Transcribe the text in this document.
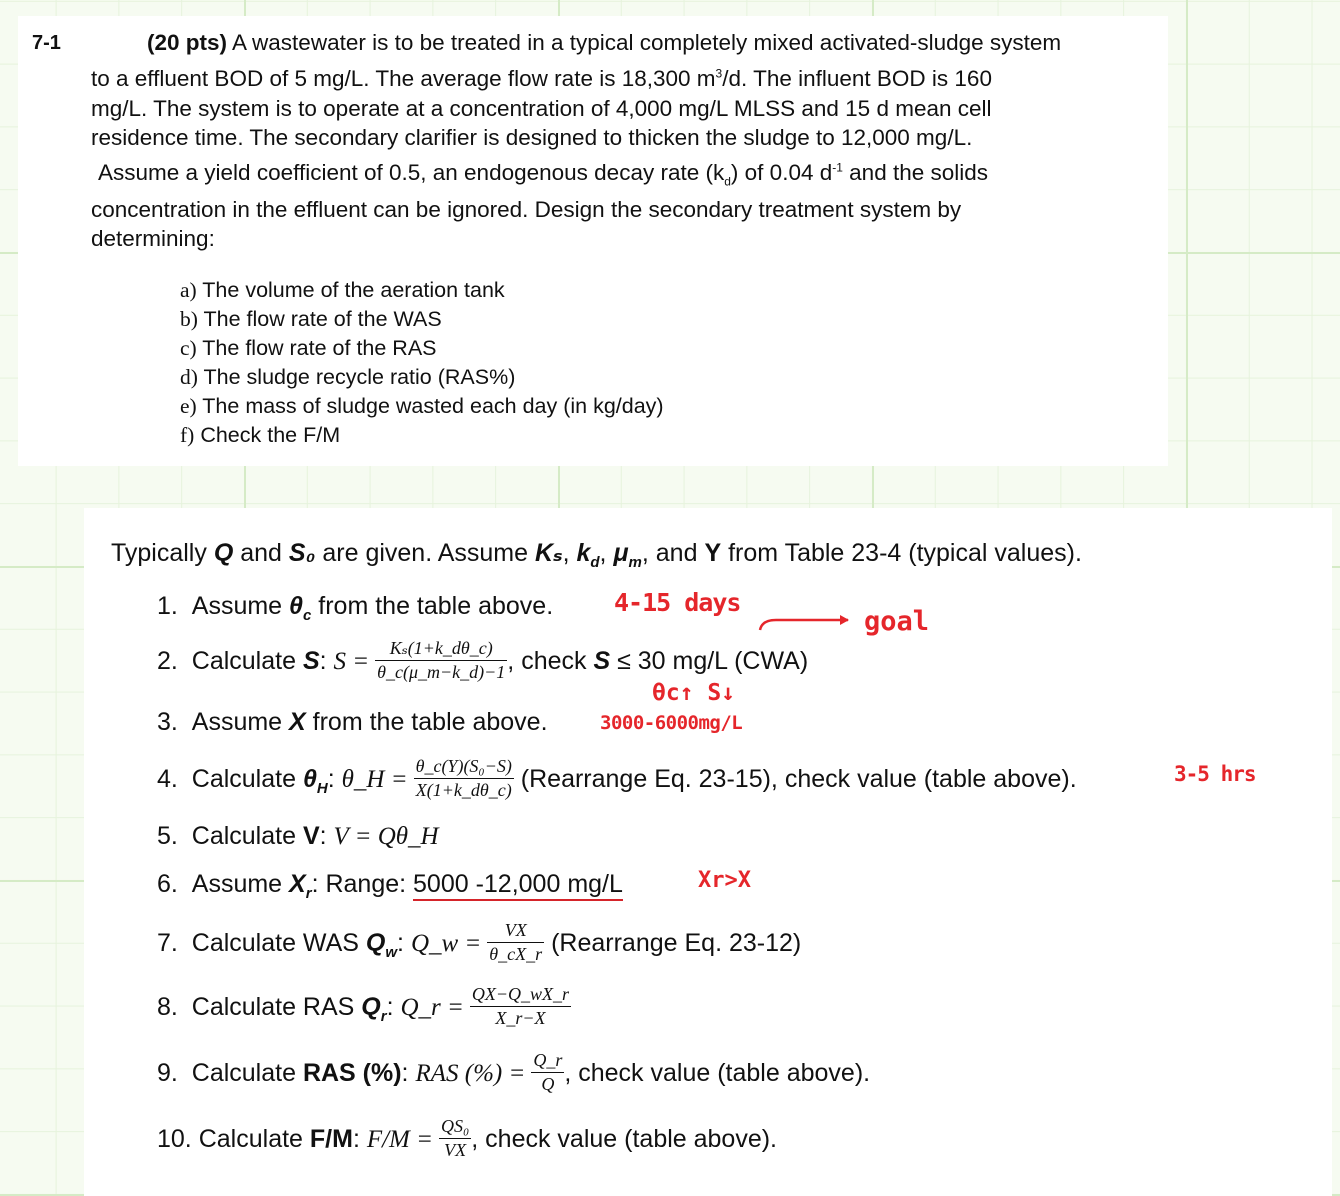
7-1	(20 pts) A wastewater is to be treated in a typical completely mixed activated-sludge system
to a effluent BOD of 5 mg/L. The average flow rate is 18,300 $m^3/d$. The influent BOD is 160
mg/L. The system is to operate at a concentration of 4,000 mg/L MLSS and 15 d mean cell
residence time. The secondary clarifier is designed to thicken the sludge to 12,000 mg/L.
Assume a yield coefficient of 0.5, an endogenous decay rate $(k_d)$ of 0.04 $d^{-1}$ and the solids
concentration in the effluent can be ignored. Design the secondary treatment system by
determining:
a) The volume of the aeration tank
b) The flow rate of the WAS
c) The flow rate of the RAS
d) The sludge recycle ratio (RAS%)
e) The mass of sludge wasted each day (in kg/day)
f) Check the F/M
Typically Q and S₀ are given. Assume Kₛ, $k_d$, $\mu_m$, and Y from Table 23-4 (typical values).
1. Assume $\theta_c$ from the table above. 4-15 days
goal
2. Calculate S: $S = \frac{\text{Kₛ(1+k\_dθ\_c)}}{\theta\_c(\mu\_m-k\_d)-1}$ , check S ≤ 30 mg/L (CWA)
θc↑ S↓
3. Assume X from the table above.	3000-6000mg/L
4. Calculate $\theta_H$: θ_H = $\frac{\text{θ\_c(Y)(S₀−S)}}{X(1+k\_d\theta\_c)}$ (Rearrange Eq. 23-15), check value (table above).	3-5 hrs
5. Calculate V: V = Qθ_H
6. Assume $X_r$: Range: 5000 -12,000 mg/L	Xr>X
7. Calculate WAS $Q_w$: Q_w = $\frac{VX}{\theta\_cX\_r}$ (Rearrange Eq. 23-12)
8. Calculate RAS $Q_r$: Q_r = $\frac{QX-Q\_wX\_r}{X\_r-X}$
9. Calculate RAS (%): RAS (%) = $\frac{Q\_r}{Q}$ , check value (table above).
10. Calculate F/M: $F/M = \frac{\text{QS₀}}{VX}$ , check value (table above).
